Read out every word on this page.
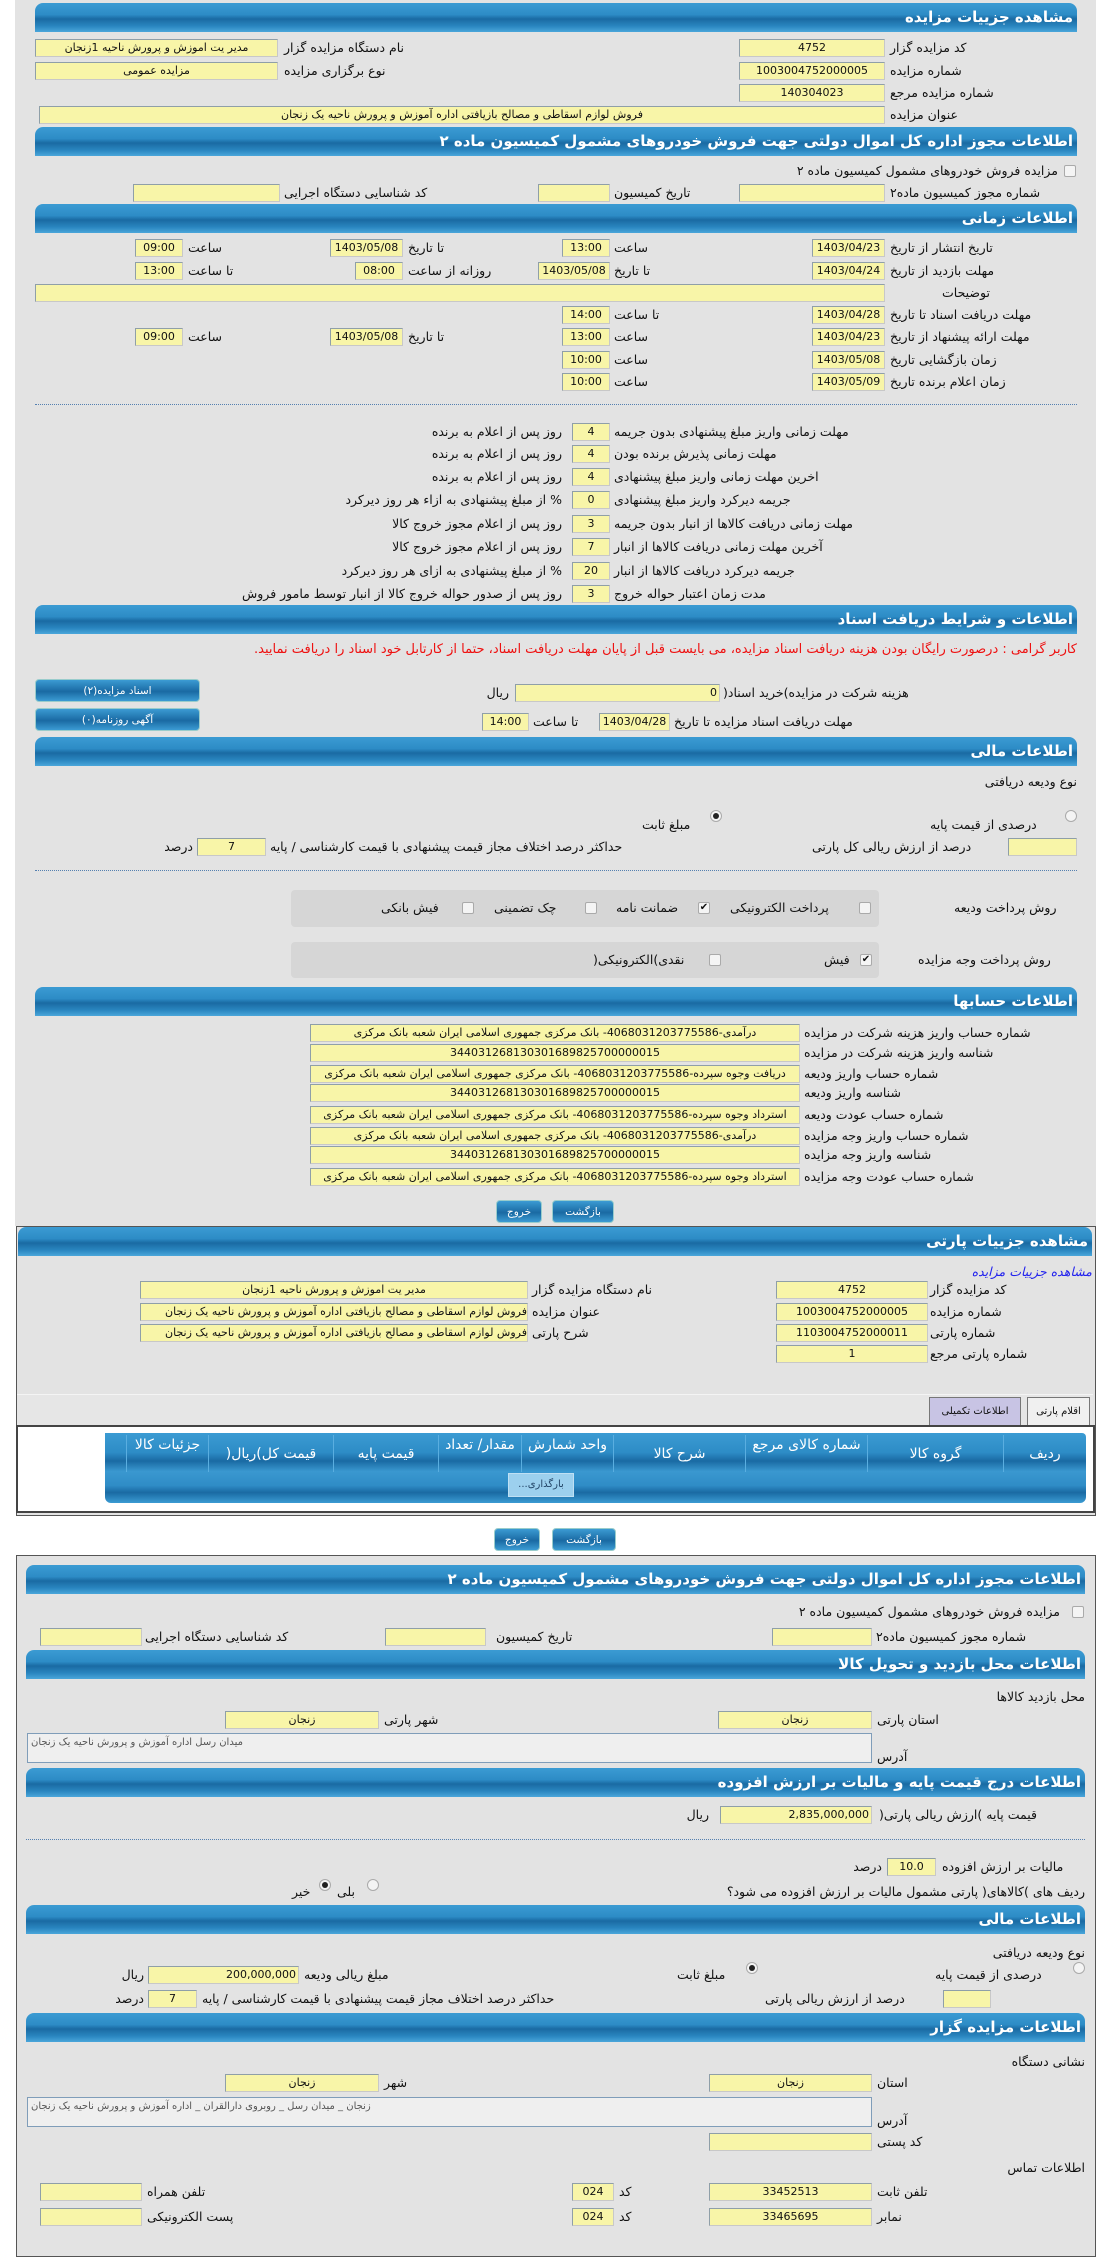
مشاهده جزییات مزایده
کد مزایده گزار
4752
نام دستگاه مزایده گزار
مدیر یت اموزش و پرورش ناحیه 1زنجان
شماره مزایده
1003004752000005
نوع برگزاری مزایده
مزایده عمومی
شماره مزایده مرجع
140304023
عنوان مزایده
فروش لوازم اسقاطی و مصالح بازیافتی اداره آموزش و پرورش ناحیه یک زنجان
اطلاعات مجوز اداره کل اموال دولتی جهت فروش خودروهای مشمول کمیسیون ماده ۲
مزایده فروش خودروهای مشمول کمیسیون ماده ۲
شماره مجوز کمیسیون ماده۲
تاریخ کمیسیون
کد شناسایی دستگاه اجرایی
اطلاعات زمانی
تاریخ انتشار از تاریخ
1403/04/23
ساعت
13:00
تا تاریخ
1403/05/08
ساعت
09:00
مهلت بازدید از تاریخ
1403/04/24
تا تاریخ
1403/05/08
روزانه از ساعت
08:00
تا ساعت
13:00
توضیحات
مهلت دریافت اسناد تا تاریخ
1403/04/28
تا ساعت
14:00
مهلت ارائه پیشنهاد از تاریخ
1403/04/23
ساعت
13:00
تا تاریخ
1403/05/08
ساعت
09:00
زمان بازگشایی تاریخ
1403/05/08
ساعت
10:00
زمان اعلام برنده تاریخ
1403/05/09
ساعت
10:00
مهلت زمانی واریز مبلغ پیشنهادی بدون جریمه
4
روز پس از اعلام به برنده
مهلت زمانی پذیرش برنده بودن
4
روز پس از اعلام به برنده
اخرین مهلت زمانی واریز مبلغ پیشنهادی
4
روز پس از اعلام به برنده
جریمه دیرکرد واریز مبلغ پیشنهادی
0
% از مبلغ پیشنهادی به ازاء هر روز دیرکرد
مهلت زمانی دریافت کالاها از انبار بدون جریمه
3
روز پس از اعلام مجوز خروج کالا
آخرین مهلت زمانی دریافت کالاها از انبار
7
روز پس از اعلام مجوز خروج کالا
جریمه دیرکرد دریافت کالاها از انبار
20
% از مبلغ پیشنهادی به ازای هر روز دیرکرد
مدت زمان اعتبار حواله خروج
3
روز پس از صدور حواله خروج کالا از انبار توسط مامور فروش
اطلاعات و شرایط دریافت اسناد
کاربر گرامی : درصورت رایگان بودن هزینه دریافت اسناد مزایده، می بایست قبل از پایان مهلت دریافت اسناد، حتما از کارتابل خود اسناد را دریافت نمایید.
هزینه شرکت در مزایده)خرید اسناد(
0
ریال
اسناد مزایده(۲)
مهلت دریافت اسناد مزایده تا تاریخ
1403/04/28
تا ساعت
14:00
آگهی روزنامه(۰)
اطلاعات مالی
نوع ودیعه دریافتی
درصدی از قیمت پایه
مبلغ ثابت
درصد از ارزش ریالی کل پارتی
حداکثر درصد اختلاف مجاز قیمت پیشنهادی با قیمت کارشناسی / پایه
7
درصد
روش پرداخت ودیعه
پرداخت الکترونیکی
✔
ضمانت نامه
چک تضمینی
فیش بانکی
روش پرداخت وجه مزایده
✔
فیش
نقدی)الکترونیکی(
اطلاعات حسابها
شماره حساب واریز هزینه شرکت در مزایده
درآمدی-4068031203775586- بانک مرکزی جمهوری اسلامی ایران شعبه بانک مرکزی
شناسه واریز هزینه شرکت در مزایده
344031268130301689825700000015
شماره حساب واریز ودیعه
دریافت وجوه سپرده-4068031203775586- بانک مرکزی جمهوری اسلامی ایران شعبه بانک مرکزی
شناسه واریز ودیعه
344031268130301689825700000015
شماره حساب عودت ودیعه
استرداد وجوه سپرده-4068031203775586- بانک مرکزی جمهوری اسلامی ایران شعبه بانک مرکزی
شماره حساب واریز وجه مزایده
درآمدی-4068031203775586- بانک مرکزی جمهوری اسلامی ایران شعبه بانک مرکزی
شناسه واریز وجه مزایده
344031268130301689825700000015
شماره حساب عودت وجه مزایده
استرداد وجوه سپرده-4068031203775586- بانک مرکزی جمهوری اسلامی ایران شعبه بانک مرکزی
خروج	بازگشت
مشاهده جزییات پارتی
مشاهده جزییات مزایده
کد مزایده گزار
4752
نام دستگاه مزایده گزار
مدیر یت اموزش و پرورش ناحیه 1زنجان
شماره مزایده
1003004752000005
عنوان مزایده
فروش لوازم اسقاطی و مصالح بازیافتی اداره آموزش و پرورش ناحیه یک زنجان
شماره پارتی
1103004752000011
شرح پارتی
فروش لوازم اسقاطی و مصالح بازیافتی اداره آموزش و پرورش ناحیه یک زنجان
شماره پارتی مرجع
1
اقلام پارتی
اطلاعات تکمیلی
ردیف
گروه کالا
شماره کالای مرجع
شرح کالا
واحد شمارش
مقدار/ تعداد
قیمت پایه
قیمت کل)ریال(
جزئیات کالا
بارگذاری...
خروج	بازگشت
اطلاعات مجوز اداره کل اموال دولتی جهت فروش خودروهای مشمول کمیسیون ماده ۲
مزایده فروش خودروهای مشمول کمیسیون ماده ۲
شماره مجوز کمیسیون ماده۲
تاریخ کمیسیون
کد شناسایی دستگاه اجرایی
اطلاعات محل بازدید و تحویل کالا
محل بازدید کالاها
استان پارتی
زنجان
شهر پارتی
زنجان
آدرس
میدان رسل اداره آموزش و پرورش ناحیه یک زنجان
اطلاعات درج قیمت پایه و مالیات بر ارزش افزوده
قیمت پایه )ارزش ریالی پارتی(
2,835,000,000
ریال
مالیات بر ارزش افزوده
10.0
درصد
ردیف های )کالاهای( پارتی مشمول مالیات بر ارزش افزوده می شود؟
بلی
خیر
اطلاعات مالی
نوع ودیعه دریافتی
درصدی از قیمت پایه
مبلغ ثابت
مبلغ ریالی ودیعه
200,000,000
ریال
درصد از ارزش ریالی پارتی
حداکثر درصد اختلاف مجاز قیمت پیشنهادی با قیمت کارشناسی / پایه
7
درصد
اطلاعات مزایده گزار
نشانی دستگاه
استان
زنجان
شهر
زنجان
آدرس
زنجان _ میدان رسل _ روبروی دارالقران _ اداره آموزش و پرورش ناحیه یک زنجان
کد پستی
اطلاعات تماس
تلفن ثابت
33452513
کد
024
تلفن همراه
نمابر
33465695
کد
024
پست الکترونیکی
